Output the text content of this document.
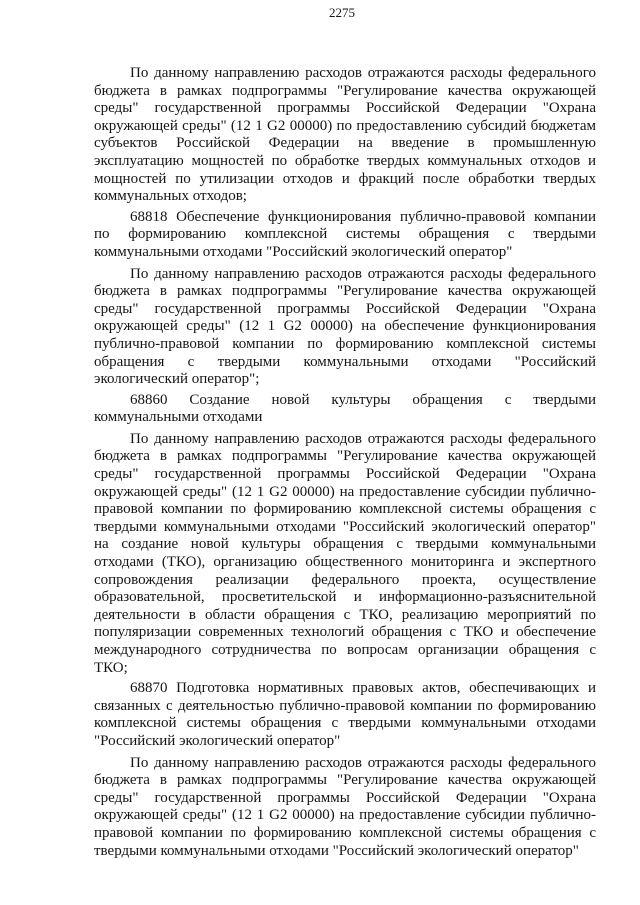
2275
По данному направлению расходов отражаются расходы федерального
бюджета в рамках подпрограммы "Регулирование качества окружающей
среды" государственной программы Российской Федерации "Охрана
окружающей среды" (12 1 G2 00000) по предоставлению субсидий бюджетам
субъектов Российской Федерации на введение в промышленную
эксплуатацию мощностей по обработке твердых коммунальных отходов и
мощностей по утилизации отходов и фракций после обработки твердых
коммунальных отходов;
68818 Обеспечение функционирования публично-правовой компании
по формированию комплексной системы обращения с твердыми
коммунальными отходами "Российский экологический оператор"
По данному направлению расходов отражаются расходы федерального
бюджета в рамках подпрограммы "Регулирование качества окружающей
среды" государственной программы Российской Федерации "Охрана
окружающей среды" (12 1 G2 00000) на обеспечение функционирования
публично-правовой компании по формированию комплексной системы
обращения с твердыми коммунальными отходами "Российский
экологический оператор";
68860 Создание новой культуры обращения с твердыми
коммунальными отходами
По данному направлению расходов отражаются расходы федерального
бюджета в рамках подпрограммы "Регулирование качества окружающей
среды" государственной программы Российской Федерации "Охрана
окружающей среды" (12 1 G2 00000) на предоставление субсидии публично-
правовой компании по формированию комплексной системы обращения с
твердыми коммунальными отходами "Российский экологический оператор"
на создание новой культуры обращения с твердыми коммунальными
отходами (ТКО), организацию общественного мониторинга и экспертного
сопровождения реализации федерального проекта, осуществление
образовательной, просветительской и информационно-разъяснительной
деятельности в области обращения с ТКО, реализацию мероприятий по
популяризации современных технологий обращения с ТКО и обеспечение
международного сотрудничества по вопросам организации обращения с
ТКО;
68870 Подготовка нормативных правовых актов, обеспечивающих и
связанных с деятельностью публично-правовой компании по формированию
комплексной системы обращения с твердыми коммунальными отходами
"Российский экологический оператор"
По данному направлению расходов отражаются расходы федерального
бюджета в рамках подпрограммы "Регулирование качества окружающей
среды" государственной программы Российской Федерации "Охрана
окружающей среды" (12 1 G2 00000) на предоставление субсидии публично-
правовой компании по формированию комплексной системы обращения с
твердыми коммунальными отходами "Российский экологический оператор"
